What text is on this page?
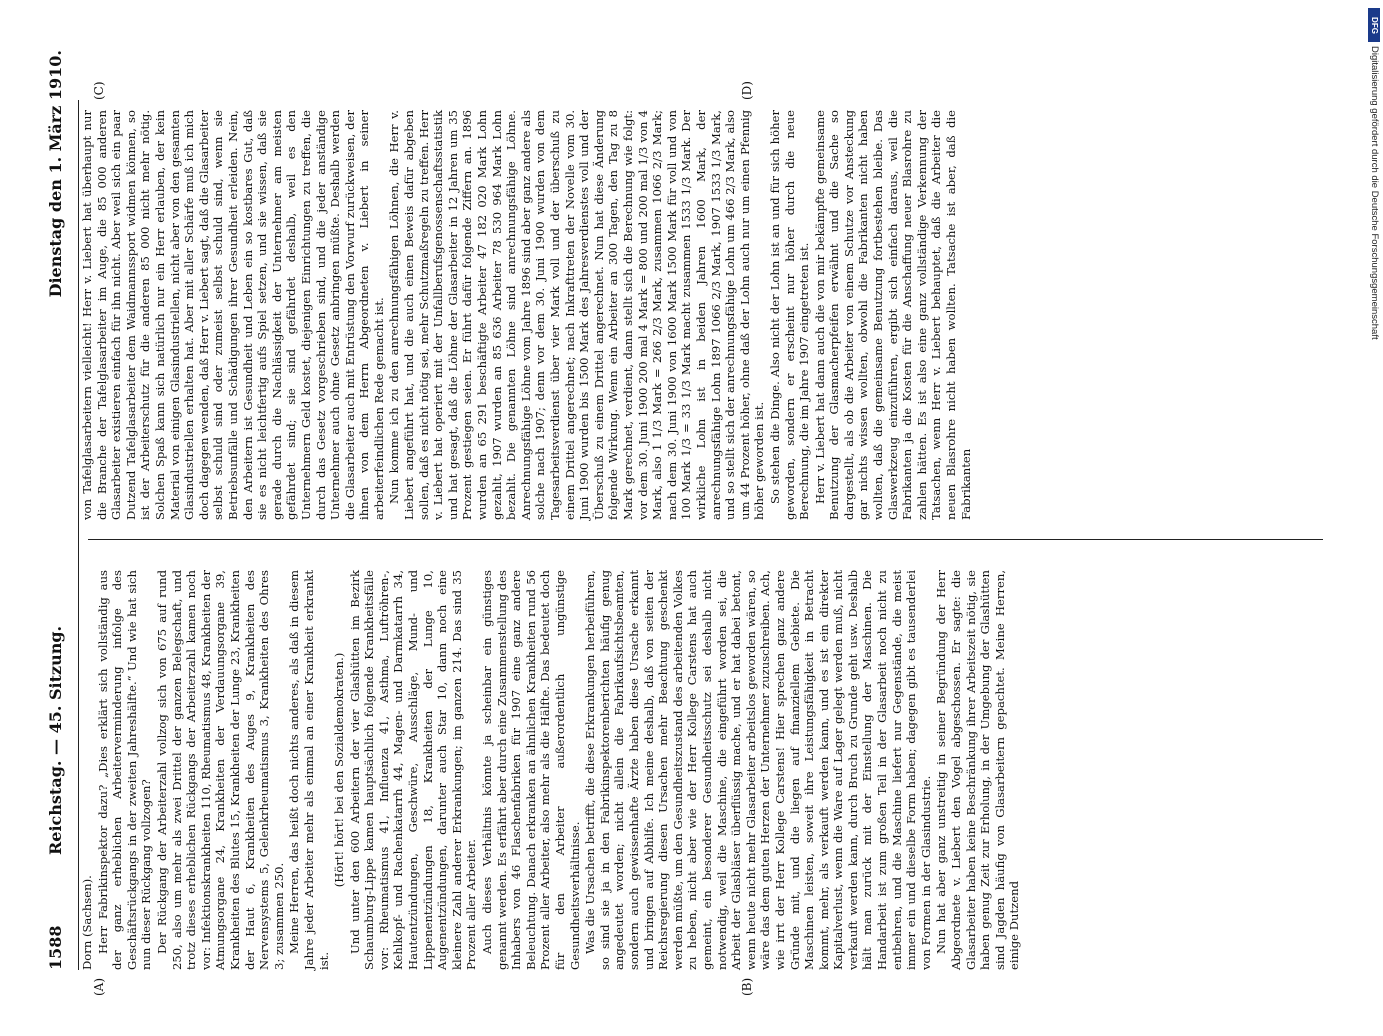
1588
Reichstag. — 45. Sitzung.
Dienstag den 1. März 1910.
(A)	(B)
(C)	(D)

Dorn (Sachsen). Herr Fabrikinspektor dazu? „Dies erklärt sich vollständig aus der ganz erheblichen Arbeiterverminderung infolge des Geschäftsrückgangs in der zweiten Jahreshälfte.“ Und wie hat sich nun dieser Rückgang vollzogen? Der Rückgang der Arbeiterzahl vollzog sich von 675 auf rund 250, also um mehr als zwei Drittel der ganzen Belegschaft, und trotz dieses erheblichen Rückgangs der Arbeiterzahl kamen noch vor: Infektionskrankheiten 110, Rheumatismus 48, Krankheiten der Atmungsorgane 24, Krankheiten der Verdauungsorgane 39, Krankheiten des Blutes 15, Krankheiten der Lunge 23, Krankheiten der Haut 6, Krankheiten des Auges 9, Krankheiten des Nervensystems 5, Gelenkrheumatismus 3, Krankheiten des Ohres 3; zusammen 250. Meine Herren, das heißt doch nichts anderes, als daß in diesem Jahre jeder Arbeiter mehr als einmal an einer Krankheit erkrankt ist.

(Hört! hört! bei den Sozialdemokraten.) Und unter den 600 Arbeitern der vier Glashütten im Bezirk Schaumburg-Lippe kamen hauptsächlich folgende Krankheitsfälle vor: Rheumatismus 41, Influenza 41, Asthma, Luftröhren-, Kehlkopf- und Rachenkatarrh 44, Magen- und Darmkatarrh 34, Hautentzündungen, Geschwüre, Ausschläge, Mund- und Lippenentzündungen 18, Krankheiten der Lunge 10, Augenentzündungen, darunter auch Star 10, dann noch eine kleinere Zahl anderer Erkrankungen; im ganzen 214. Das sind 35 Prozent aller Arbeiter. Auch dieses Verhältnis könnte ja scheinbar ein günstiges genannt werden. Es erfährt aber durch eine Zusammenstellung des Inhabers von 46 Flaschenfabriken für 1907 eine ganz andere Beleuchtung. Danach erkranken an ähnlichen Krankheiten rund 56 Prozent aller Arbeiter, also mehr als die Hälfte. Das bedeutet doch für den Arbeiter außerordentlich ungünstige Gesundheitsverhältnisse. Was die Ursachen betrifft, die diese Erkrankungen herbeiführen, so sind sie ja in den Fabrikinspektorenberichten häufig genug angedeutet worden; nicht allein die Fabrikaufsichtsbeamten, sondern auch gewissenhafte Ärzte haben diese Ursache erkannt und bringen auf Abhilfe. Ich meine deshalb, daß von seiten der Reichsregierung diesen Ursachen mehr Beachtung geschenkt werden müßte, um den Gesundheitszustand des arbeitenden Volkes zu heben, nicht aber wie der Herr Kollege Carstens hat auch gemeint, ein besonderer Gesundheitsschutz sei deshalb nicht notwendig, weil die Maschine, die eingeführt worden sei, die Arbeit der Glasbläser überflüssig mache, und er hat dabei betont, wenn heute nicht mehr Glasarbeiter arbeitslos geworden wären, so wäre das dem guten Herzen der Unternehmer zuzuschreiben. Ach, wie irrt der Herr Kollege Carstens! Hier sprechen ganz andere Gründe mit, und die liegen auf finanziellem Gebiete. Die Maschinen leisten, soweit ihre Leistungsfähigkeit in Betracht kommt, mehr, als verkauft werden kann, und es ist ein direkter Kapitalverlust, wenn die Ware auf Lager gelegt werden muß, nicht verkauft werden kann, durch Bruch zu Grunde geht usw. Deshalb hält man zurück mit der Einstellung der Maschinen. Die Handarbeit ist zum großen Teil in der Glasarbeit noch nicht zu entbehren, und die Maschine liefert nur Gegenstände, die meist immer ein und dieselbe Form haben; dagegen gibt es tausenderlei von Formen in der Glasindustrie. Nun hat aber ganz unstreitig in seiner Begründung der Herr Abgeordnete v. Liebert den Vogel abgeschossen. Er sagte: die Glasarbeiter haben keine Beschränkung ihrer Arbeitszeit nötig, sie haben genug Zeit zur Erholung, in der Umgebung der Glashütten sind Jagden häufig von Glasarbeitern gepachtet. Meine Herren, einige Dutzend

von Tafelglasarbeitern vielleicht! Herr v. Liebert hat überhaupt nur die Branche der Tafelglasarbeiter im Auge, die 85 000 anderen Glasarbeiter existieren einfach für ihn nicht. Aber weil sich ein paar Dutzend Tafelglasarbeiter dem Waidmannssport widmen können, so ist der Arbeiterschutz für die anderen 85 000 nicht mehr nötig. Solchen Spaß kann sich natürlich nur ein Herr erlauben, der kein Material von einigen Glasindustriellen, nicht aber von den gesamten Glasindustriellen erhalten hat. Aber mit aller Schärfe muß ich mich doch dagegen wenden, daß Herr v. Liebert sagt, daß die Glasarbeiter selbst schuld sind oder zumeist selbst schuld sind, wenn sie Betriebsunfälle und Schädigungen ihrer Gesundheit erleiden. Nein, den Arbeitern ist Gesundheit und Leben ein so kostbares Gut, daß sie es nicht leichtfertig aufs Spiel setzen, und sie wissen, daß sie gerade durch die Nachlässigkeit der Unternehmer am meisten gefährdet sind; sie sind gefährdet deshalb, weil es den Unternehmern Geld kostet, diejenigen Einrichtungen zu treffen, die durch das Gesetz vorgeschrieben sind, und die jeder anständige Unternehmer auch ohne Gesetz anbringen müßte. Deshalb werden die Glasarbeiter auch mit Entrüstung den Vorwurf zurückweisen, der ihnen von dem Herrn Abgeordneten v. Liebert in seiner arbeiterfeindlichen Rede gemacht ist. Nun komme ich zu den anrechnungsfähigen Löhnen, die Herr v. Liebert angeführt hat, und die auch einen Beweis dafür abgeben sollen, daß es nicht nötig sei, mehr Schutzmaßregeln zu treffen. Herr v. Liebert hat operiert mit der Unfallberufsgenossenschaftsstatistik und hat gesagt, daß die Löhne der Glasarbeiter in 12 Jahren um 35 Prozent gestiegen seien. Er führt dafür folgende Ziffern an. 1896 wurden an 65 291 beschäftigte Arbeiter 47 182 020 Mark Lohn gezahlt, 1907 wurden an 85 636 Arbeiter 78 530 964 Mark Lohn bezahlt. Die genannten Löhne sind anrechnungsfähige Löhne. Anrechnungsfähige Löhne vom Jahre 1896 sind aber ganz andere als solche nach 1907; denn vor dem 30. Juni 1900 wurden von dem Tagesarbeitsverdienst über vier Mark voll und der überschuß zu einem Drittel angerechnet; nach Inkrafttreten der Novelle vom 30. Juni 1900 wurden bis 1500 Mark des Jahresverdienstes voll und der Überschuß zu einem Drittel angerechnet. Nun hat diese Änderung folgende Wirkung. Wenn ein Arbeiter an 300 Tagen, den Tag zu 8 Mark gerechnet, verdient, dann stellt sich die Berechnung wie folgt: vor dem 30. Juni 1900 200 mal 4 Mark = 800 und 200 mal 1/3 von 4 Mark, also 1 1/3 Mark = 266 2/3 Mark, zusammen 1066 2/3 Mark; nach dem 30. Juni 1900 von 1600 Mark 1500 Mark für voll und von 100 Mark 1/3 = 33 1/3 Mark macht zusammen 1533 1/3 Mark. Der wirkliche Lohn ist in beiden Jahren 1600 Mark, der anrechnungsfähige Lohn 1897 1066 2/3 Mark, 1907 1533 1/3 Mark, und so stellt sich der anrechnungsfähige Lohn um 466 2/3 Mark, also um 44 Prozent höher, ohne daß der Lohn auch nur um einen Pfennig höher geworden ist. So stehen die Dinge. Also nicht der Lohn ist an und für sich höher geworden, sondern er erscheint nur höher durch die neue Berechnung, die im Jahre 1907 eingetreten ist. Herr v. Liebert hat dann auch die von mir bekämpfte gemeinsame Benutzung der Glasmacherpfeifen erwähnt und die Sache so dargestellt, als ob die Arbeiter von einem Schutze vor Ansteckung gar nichts wissen wollten, obwohl die Fabrikanten nicht haben wollten, daß die gemeinsame Benutzung fortbestehen bleibe. Das Glaswerkzeug einzuführen, ergibt sich einfach daraus, weil die Fabrikanten ja die Kosten für die Anschaffung neuer Blasrohre zu zahlen hätten. Es ist also eine ganz vollständige Verkennung der Tatsachen, wenn Herr v. Liebert behauptet, daß die Arbeiter die neuen Blasrohre nicht haben wollten. Tatsache ist aber, daß die Fabrikanten

DFG
Digitalisierung gefördert durch die Deutsche Forschungsgemeinschaft
